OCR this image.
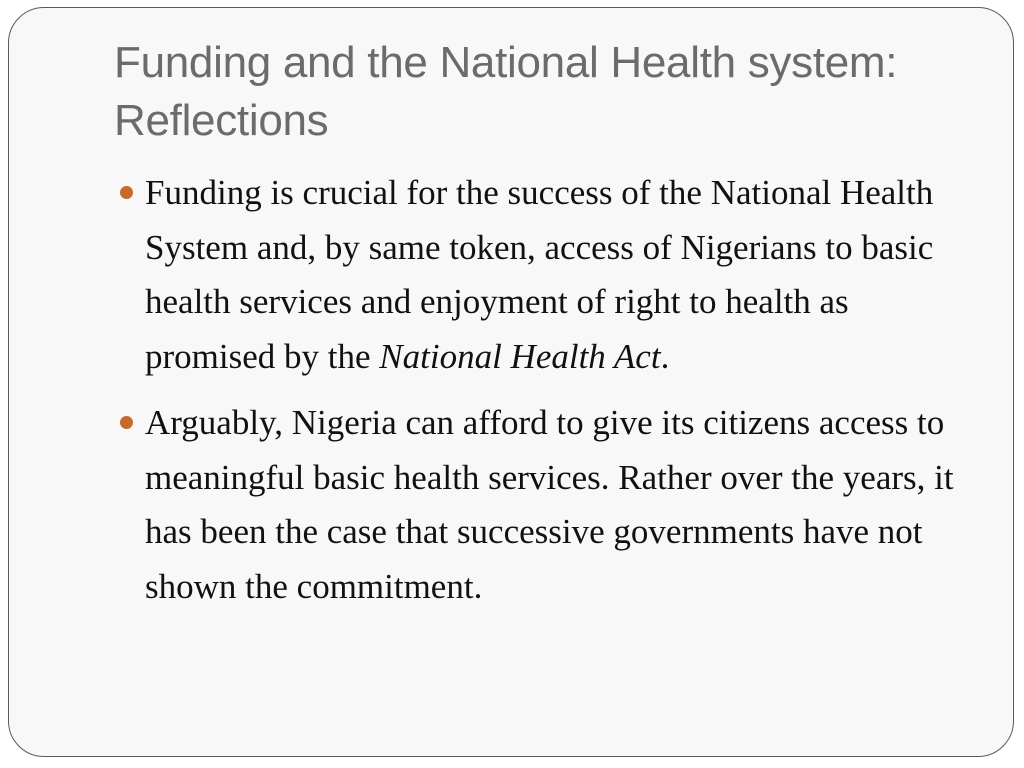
Funding and the National Health system: Reflections
Funding is crucial for the success of the National Health System and, by same token, access of Nigerians to basic health services and enjoyment of right to health as promised by the National Health Act.
Arguably, Nigeria can afford to give its citizens access to meaningful basic health services. Rather over the years, it has been the case that successive governments have not shown the commitment.
